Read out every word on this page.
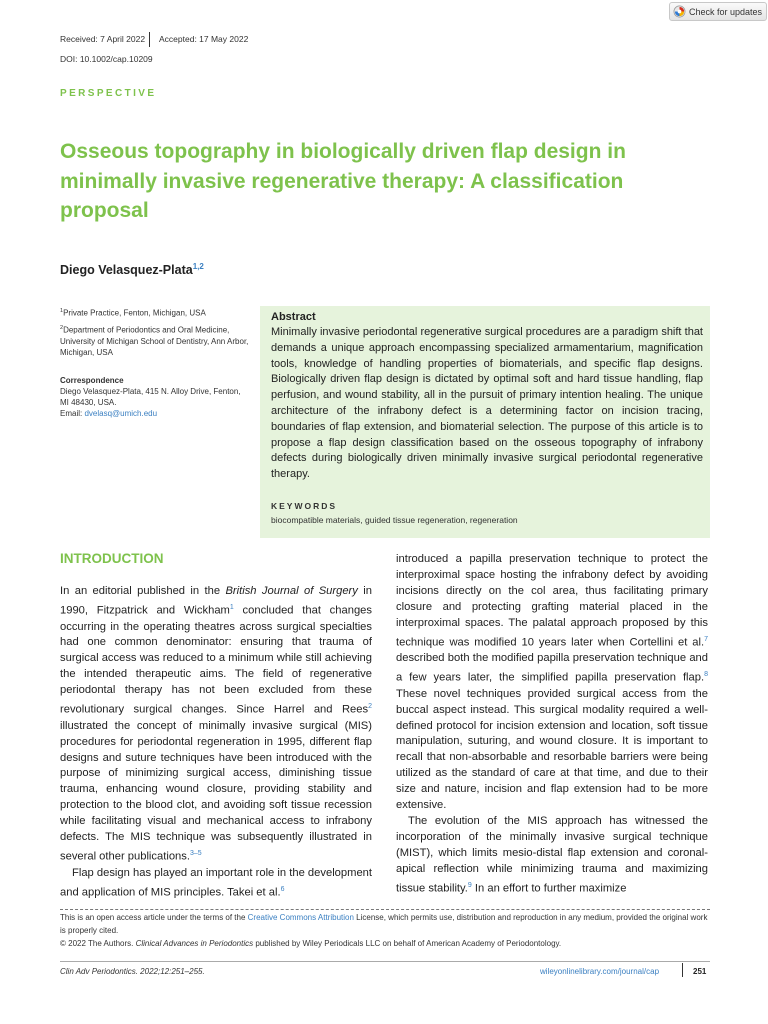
Check for updates
Received: 7 April 2022 Accepted: 17 May 2022
DOI: 10.1002/cap.10209
PERSPECTIVE
Osseous topography in biologically driven flap design in minimally invasive regenerative therapy: A classification proposal
Diego Velasquez-Plata$^{1,2}$
$^1$Private Practice, Fenton, Michigan, USA
$^2$Department of Periodontics and Oral Medicine, University of Michigan School of Dentistry, Ann Arbor, Michigan, USA
Correspondence
Diego Velasquez-Plata, 415 N. Alloy Drive, Fenton, MI 48430, USA.
Email: dvelasq@umich.edu
Abstract
Minimally invasive periodontal regenerative surgical procedures are a paradigm shift that demands a unique approach encompassing specialized armamentarium, magnification tools, knowledge of handling properties of biomaterials, and specific flap designs. Biologically driven flap design is dictated by optimal soft and hard tissue handling, flap perfusion, and wound stability, all in the pursuit of primary intention healing. The unique architecture of the infrabony defect is a determining factor on incision tracing, boundaries of flap extension, and biomaterial selection. The purpose of this article is to propose a flap design classification based on the osseous topography of infrabony defects during biologically driven minimally invasive surgical periodontal regenerative therapy.
KEYWORDS
biocompatible materials, guided tissue regeneration, regeneration
INTRODUCTION

In an editorial published in the British Journal of Surgery in 1990, Fitzpatrick and Wickham$^1$ concluded that changes occurring in the operating theatres across surgical specialties had one common denominator: ensuring that trauma of surgical access was reduced to a minimum while still achieving the intended therapeutic aims. The field of regenerative periodontal therapy has not been excluded from these revolutionary surgical changes. Since Harrel and Rees$^2$ illustrated the concept of minimally invasive surgical (MIS) procedures for periodontal regeneration in 1995, different flap designs and suture techniques have been introduced with the purpose of minimizing surgical access, diminishing tissue trauma, enhancing wound closure, providing stability and protection to the blood clot, and avoiding soft tissue recession while facilitating visual and mechanical access to infrabony defects. The MIS technique was subsequently illustrated in several other publications.$^{3-5}$

Flap design has played an important role in the development and application of MIS principles. Takei et al.$^6$

introduced a papilla preservation technique to protect the interproximal space hosting the infrabony defect by avoiding incisions directly on the col area, thus facilitating primary closure and protecting grafting material placed in the interproximal spaces. The palatal approach proposed by this technique was modified 10 years later when Cortellini et al.$^7$ described both the modified papilla preservation technique and a few years later, the simplified papilla preservation flap.$^8$ These novel techniques provided surgical access from the buccal aspect instead. This surgical modality required a well-defined protocol for incision extension and location, soft tissue manipulation, suturing, and wound closure. It is important to recall that non-absorbable and resorbable barriers were being utilized as the standard of care at that time, and due to their size and nature, incision and flap extension had to be more extensive.

The evolution of the MIS approach has witnessed the incorporation of the minimally invasive surgical technique (MIST), which limits mesio-distal flap extension and coronal-apical reflection while minimizing trauma and maximizing tissue stability.$^9$ In an effort to further maximize

This is an open access article under the terms of the Creative Commons Attribution License, which permits use, distribution and reproduction in any medium, provided the original work is properly cited.
© 2022 The Authors. Clinical Advances in Periodontics published by Wiley Periodicals LLC on behalf of American Academy of Periodontology.
Clin Adv Periodontics. 2022;12:251–255.	wileyonlinelibrary.com/journal/cap	251
